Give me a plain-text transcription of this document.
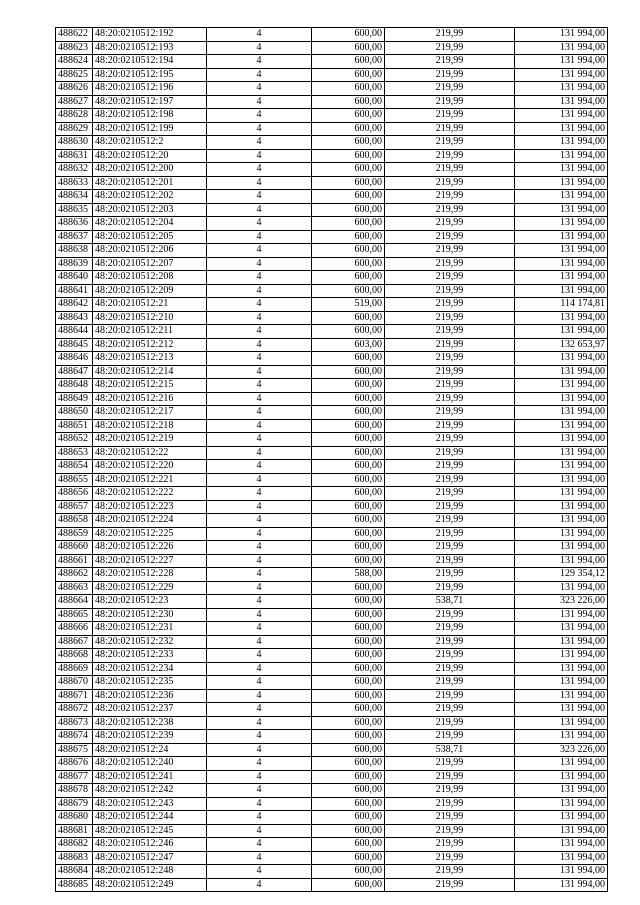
488622	48:20:0210512:192	4	600,00	219,99	131 994,00
488623	48:20:0210512:193	4	600,00	219,99	131 994,00
488624	48:20:0210512:194	4	600,00	219,99	131 994,00
488625	48:20:0210512:195	4	600,00	219,99	131 994,00
488626	48:20:0210512:196	4	600,00	219,99	131 994,00
488627	48:20:0210512:197	4	600,00	219,99	131 994,00
488628	48:20:0210512:198	4	600,00	219,99	131 994,00
488629	48:20:0210512:199	4	600,00	219,99	131 994,00
488630	48:20:0210512:2	4	600,00	219,99	131 994,00
488631	48:20:0210512:20	4	600,00	219,99	131 994,00
488632	48:20:0210512:200	4	600,00	219,99	131 994,00
488633	48:20:0210512:201	4	600,00	219,99	131 994,00
488634	48:20:0210512:202	4	600,00	219,99	131 994,00
488635	48:20:0210512:203	4	600,00	219,99	131 994,00
488636	48:20:0210512:204	4	600,00	219,99	131 994,00
488637	48:20:0210512:205	4	600,00	219,99	131 994,00
488638	48:20:0210512:206	4	600,00	219,99	131 994,00
488639	48:20:0210512:207	4	600,00	219,99	131 994,00
488640	48:20:0210512:208	4	600,00	219,99	131 994,00
488641	48:20:0210512:209	4	600,00	219,99	131 994,00
488642	48:20:0210512:21	4	519,00	219,99	114 174,81
488643	48:20:0210512:210	4	600,00	219,99	131 994,00
488644	48:20:0210512:211	4	600,00	219,99	131 994,00
488645	48:20:0210512:212	4	603,00	219,99	132 653,97
488646	48:20:0210512:213	4	600,00	219,99	131 994,00
488647	48:20:0210512:214	4	600,00	219,99	131 994,00
488648	48:20:0210512:215	4	600,00	219,99	131 994,00
488649	48:20:0210512:216	4	600,00	219,99	131 994,00
488650	48:20:0210512:217	4	600,00	219,99	131 994,00
488651	48:20:0210512:218	4	600,00	219,99	131 994,00
488652	48:20:0210512:219	4	600,00	219,99	131 994,00
488653	48:20:0210512:22	4	600,00	219,99	131 994,00
488654	48:20:0210512:220	4	600,00	219,99	131 994,00
488655	48:20:0210512:221	4	600,00	219,99	131 994,00
488656	48:20:0210512:222	4	600,00	219,99	131 994,00
488657	48:20:0210512:223	4	600,00	219,99	131 994,00
488658	48:20:0210512:224	4	600,00	219,99	131 994,00
488659	48:20:0210512:225	4	600,00	219,99	131 994,00
488660	48:20:0210512:226	4	600,00	219,99	131 994,00
488661	48:20:0210512:227	4	600,00	219,99	131 994,00
488662	48:20:0210512:228	4	588,00	219,99	129 354,12
488663	48:20:0210512:229	4	600,00	219,99	131 994,00
488664	48:20:0210512:23	4	600,00	538,71	323 226,00
488665	48:20:0210512:230	4	600,00	219,99	131 994,00
488666	48:20:0210512:231	4	600,00	219,99	131 994,00
488667	48:20:0210512:232	4	600,00	219,99	131 994,00
488668	48:20:0210512:233	4	600,00	219,99	131 994,00
488669	48:20:0210512:234	4	600,00	219,99	131 994,00
488670	48:20:0210512:235	4	600,00	219,99	131 994,00
488671	48:20:0210512:236	4	600,00	219,99	131 994,00
488672	48:20:0210512:237	4	600,00	219,99	131 994,00
488673	48:20:0210512:238	4	600,00	219,99	131 994,00
488674	48:20:0210512:239	4	600,00	219,99	131 994,00
488675	48:20:0210512:24	4	600,00	538,71	323 226,00
488676	48:20:0210512:240	4	600,00	219,99	131 994,00
488677	48:20:0210512:241	4	600,00	219,99	131 994,00
488678	48:20:0210512:242	4	600,00	219,99	131 994,00
488679	48:20:0210512:243	4	600,00	219,99	131 994,00
488680	48:20:0210512:244	4	600,00	219,99	131 994,00
488681	48:20:0210512:245	4	600,00	219,99	131 994,00
488682	48:20:0210512:246	4	600,00	219,99	131 994,00
488683	48:20:0210512:247	4	600,00	219,99	131 994,00
488684	48:20:0210512:248	4	600,00	219,99	131 994,00
488685	48:20:0210512:249	4	600,00	219,99	131 994,00
